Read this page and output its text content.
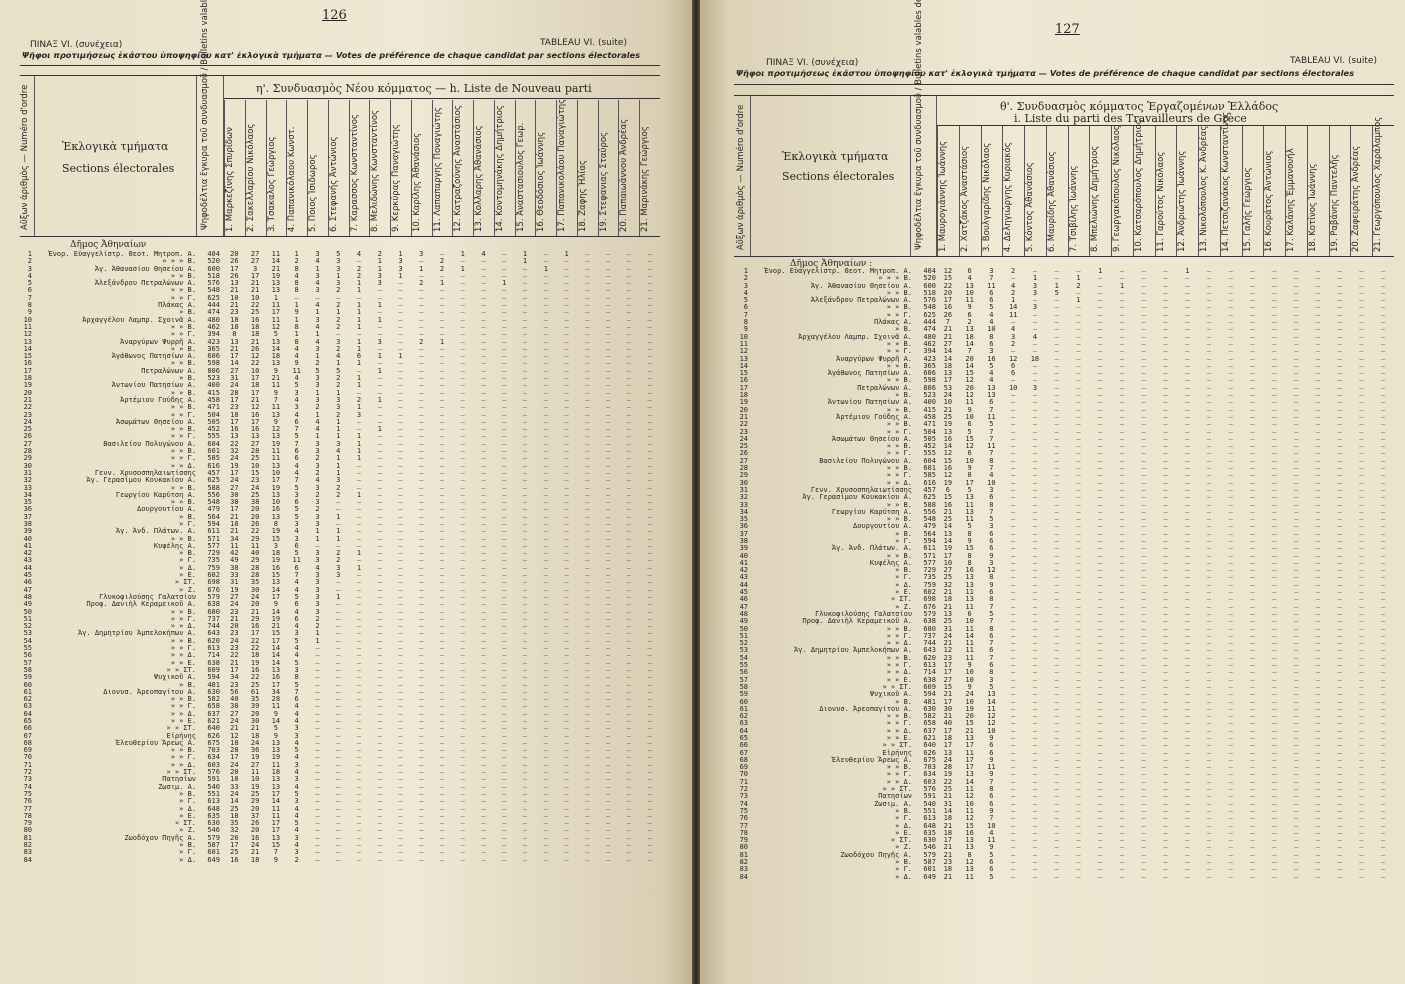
126
ΠΙΝΑΞ VI. (συνέχεια)	TABLEAU VI. (suite)
Ψῆφοι προτιμήσεως ἑκάστου ὑποψηφίου κατ' ἐκλογικὰ τμήματα — Votes de préférence de chaque candidat par sections électorales
Αὔξων ἀριθμὸς — Numéro d'ordre	Ἐκλογικὰ τμήματα
Sections électorales	Ψηφοδέλτια ἔγκυρα τοῦ συνδυασμοῦ / Bulletins valables de la liste	η'. Συνδυασμὸς Νέου κόμματος — h. Liste de Nouveau parti
Δῆμος Ἀθηναίων
1	Ἐνορ. Εὐαγγελίστρ. Θεοτ. Μητροπ. Α.	404	20	27	11	1	3	5	4	2	1	3	—	1	4	—	1	—	1	—	—	—	—
2	» » » Β.	520	26	27	14	2	4	3	—	1	3	—	2	—	—	—	1	—	—	—	—	—	—
3	Ἁγ. Ἀθανασίου Θησείου Α.	600	17	3	21	8	1	3	2	1	3	1	2	1	—	—	—	1	—	—	—	—	—
4	» » Β.	518	26	17	19	4	3	1	2	3	1	—	—	—	—	—	—	—	—	—	—	—	—
5	Ἀλεξάνδρου Πετραλώνων Α.	576	13	21	13	8	4	3	1	3	—	2	1	—	—	1	—	—	—	—	—	—	—
6	» » Β.	548	21	21	13	8	3	2	1	—	—	—	—	—	—	—	—	—	—	—	—	—	—
7	» » Γ.	625	10	10	1	—	—	—	—	—	—	—	—	—	—	—	—	—	—	—	—	—	—
8	Πλάκας Α.	444	21	22	11	1	4	2	1	1	—	—	—	—	—	—	—	—	—	—	—	—	—
9	» Β.	474	23	25	17	9	1	1	1	—	—	—	—	—	—	—	—	—	—	—	—	—	—
10	Ἀρχαγγέλου Λαμπρ. Σχοινᾶ Α.	480	18	16	11	1	3	2	1	1	—	—	—	—	—	—	—	—	—	—	—	—	—
11	» » Β.	462	18	18	12	8	4	2	1	—	—	—	—	—	—	—	—	—	—	—	—	—	—
12	» » Γ.	394	8	18	5	1	1	—	—	—	—	—	—	—	—	—	—	—	—	—	—	—	—
13	Ἀναργύρων Ψυρρῆ Α.	423	13	21	13	8	4	3	1	3	—	2	1	—	—	—	—	—	—	—	—	—	—
14	» » Β.	365	21	26	14	4	3	2	1	—	—	—	—	—	—	—	—	—	—	—	—	—	—
15	Ἀγάθωνος Πατησίων Α.	606	17	12	18	4	1	4	6	1	1	—	—	—	—	—	—	—	—	—	—	—	—
16	» » Β.	598	14	22	13	9	2	1	1	—	—	—	—	—	—	—	—	—	—	—	—	—	—
17	Πετραλώνων Α.	806	27	10	9	11	5	5	—	1	—	—	—	—	—	—	—	—	—	—	—	—	—
18	» Β.	523	31	17	21	4	3	2	1	—	—	—	—	—	—	—	—	—	—	—	—	—	—
19	Ἀντωνίου Πατησίων Α.	400	24	18	11	5	3	2	1	—	—	—	—	—	—	—	—	—	—	—	—	—	—
20	» » Β.	415	28	17	9	3	1	1	—	—	—	—	—	—	—	—	—	—	—	—	—	—	—
21	Ἀρτέμιου Γούδης Α.	458	17	21	7	4	3	3	2	1	—	—	—	—	—	—	—	—	—	—	—	—	—
22	» » Β.	471	23	12	11	3	2	3	1	—	—	—	—	—	—	—	—	—	—	—	—	—	—
23	» » Γ.	504	18	16	13	4	1	2	3	—	—	—	—	—	—	—	—	—	—	—	—	—	—
24	Ἀσωμάτων Θησείου Α.	505	17	17	9	6	4	1	—	—	—	—	—	—	—	—	—	—	—	—	—	—	—
25	» » Β.	452	16	16	12	7	4	1	—	1	—	—	—	—	—	—	—	—	—	—	—	—	—
26	» » Γ.	555	13	13	13	5	1	1	1	—	—	—	—	—	—	—	—	—	—	—	—	—	—
27	Βασιλείου Πολυγώνου Α.	604	22	27	19	7	3	3	1	—	—	—	—	—	—	—	—	—	—	—	—	—	—
28	» » Β.	601	32	28	11	6	3	4	1	—	—	—	—	—	—	—	—	—	—	—	—	—	—
29	» » Γ.	585	24	25	11	6	2	1	1	—	—	—	—	—	—	—	—	—	—	—	—	—	—
30	» » Δ.	616	19	10	13	4	3	1	—	—	—	—	—	—	—	—	—	—	—	—	—	—	—
31	Γενν. Χρυσοσπηλαιωτίσσης	457	17	15	10	4	2	1	—	—	—	—	—	—	—	—	—	—	—	—	—	—	—
32	Ἁγ. Γερασίμου Κουκακίου Α.	625	24	23	17	7	4	3	—	—	—	—	—	—	—	—	—	—	—	—	—	—	—
33	» » Β.	588	27	24	19	5	3	2	—	—	—	—	—	—	—	—	—	—	—	—	—	—	—
34	Γεωργίου Καρύτση Α.	556	30	25	13	3	2	2	1	—	—	—	—	—	—	—	—	—	—	—	—	—	—
35	» » Β.	548	30	38	10	6	3	—	—	—	—	—	—	—	—	—	—	—	—	—	—	—	—
36	Δουργουτίου Α.	479	17	20	16	5	2	—	—	—	—	—	—	—	—	—	—	—	—	—	—	—	—
37	» Β.	564	21	20	13	5	3	1	—	—	—	—	—	—	—	—	—	—	—	—	—	—	—
38	» Γ.	594	18	26	8	3	3	—	—	—	—	—	—	—	—	—	—	—	—	—	—	—	—
39	Ἁγ. Ἀνδ. Πλάτων. Α.	611	21	22	19	4	1	1	—	—	—	—	—	—	—	—	—	—	—	—	—	—	—
40	» » Β.	571	34	29	15	3	1	1	—	—	—	—	—	—	—	—	—	—	—	—	—	—	—
41	Κυψέλης Α.	577	11	11	3	6	—	—	—	—	—	—	—	—	—	—	—	—	—	—	—	—	—
42	» Β.	729	42	40	18	5	3	2	1	—	—	—	—	—	—	—	—	—	—	—	—	—	—
43	» Γ.	735	49	29	19	11	3	2	—	—	—	—	—	—	—	—	—	—	—	—	—	—	—
44	» Δ.	759	38	28	16	6	4	3	1	—	—	—	—	—	—	—	—	—	—	—	—	—	—
45	» Ε.	602	33	28	15	7	3	3	—	—	—	—	—	—	—	—	—	—	—	—	—	—	—
46	» ΣΤ.	698	31	35	13	4	3	—	—	—	—	—	—	—	—	—	—	—	—	—	—	—	—
47	» Ζ.	676	19	30	14	4	3	—	—	—	—	—	—	—	—	—	—	—	—	—	—	—	—
48	Γλυκοφιλούσης Γαλατσίου	579	27	24	17	5	3	1	—	—	—	—	—	—	—	—	—	—	—	—	—	—	—
49	Προφ. Δανιὴλ Κεραμεικοῦ Α.	638	24	20	9	6	3	—	—	—	—	—	—	—	—	—	—	—	—	—	—	—	—
50	» » Β.	680	23	21	14	4	3	—	—	—	—	—	—	—	—	—	—	—	—	—	—	—	—
51	» » Γ.	737	21	29	19	6	2	—	—	—	—	—	—	—	—	—	—	—	—	—	—	—	—
52	» » Δ.	744	20	16	21	4	2	—	—	—	—	—	—	—	—	—	—	—	—	—	—	—	—
53	Ἁγ. Δημητρίου Ἀμπελοκήπων Α.	643	23	17	15	3	1	—	—	—	—	—	—	—	—	—	—	—	—	—	—	—	—
54	» » Β.	620	24	22	17	5	1	—	—	—	—	—	—	—	—	—	—	—	—	—	—	—	—
55	» » Γ.	613	23	22	14	4	—	—	—	—	—	—	—	—	—	—	—	—	—	—	—	—	—
56	» » Δ.	714	22	18	14	4	—	—	—	—	—	—	—	—	—	—	—	—	—	—	—	—	—
57	» » Ε.	638	21	19	14	5	—	—	—	—	—	—	—	—	—	—	—	—	—	—	—	—	—
58	» » ΣΤ.	609	17	16	13	3	—	—	—	—	—	—	—	—	—	—	—	—	—	—	—	—	—
59	Ψυχικοῦ Α.	594	34	22	16	8	—	—	—	—	—	—	—	—	—	—	—	—	—	—	—	—	—
60	» Β.	481	23	25	17	5	—	—	—	—	—	—	—	—	—	—	—	—	—	—	—	—	—
61	Διονυσ. Ἀρεοπαγίτου Α.	630	56	61	34	7	—	—	—	—	—	—	—	—	—	—	—	—	—	—	—	—	—
62	» » Β.	582	40	35	28	6	—	—	—	—	—	—	—	—	—	—	—	—	—	—	—	—	—
63	» » Γ.	658	38	39	11	4	—	—	—	—	—	—	—	—	—	—	—	—	—	—	—	—	—
64	» » Δ.	637	27	20	9	4	—	—	—	—	—	—	—	—	—	—	—	—	—	—	—	—	—
65	» » Ε.	621	24	30	14	4	—	—	—	—	—	—	—	—	—	—	—	—	—	—	—	—	—
66	» » ΣΤ.	640	21	21	5	3	—	—	—	—	—	—	—	—	—	—	—	—	—	—	—	—	—
67	Εἰρήνης	626	12	18	9	3	—	—	—	—	—	—	—	—	—	—	—	—	—	—	—	—	—
68	Ἐλευθερίου Ἄρεως Α.	675	18	24	13	4	—	—	—	—	—	—	—	—	—	—	—	—	—	—	—	—	—
69	» » Β.	703	28	36	13	5	—	—	—	—	—	—	—	—	—	—	—	—	—	—	—	—	—
70	» » Γ.	634	17	19	19	4	—	—	—	—	—	—	—	—	—	—	—	—	—	—	—	—	—
71	» » Δ.	603	24	27	11	3	—	—	—	—	—	—	—	—	—	—	—	—	—	—	—	—	—
72	» » ΣΤ.	576	20	11	18	4	—	—	—	—	—	—	—	—	—	—	—	—	—	—	—	—	—
73	Πατησίων	591	18	10	13	3	—	—	—	—	—	—	—	—	—	—	—	—	—	—	—	—	—
74	Ζωσιμ. Α.	540	33	19	13	4	—	—	—	—	—	—	—	—	—	—	—	—	—	—	—	—	—
75	» Β.	551	24	25	17	5	—	—	—	—	—	—	—	—	—	—	—	—	—	—	—	—	—
76	» Γ.	613	14	29	14	3	—	—	—	—	—	—	—	—	—	—	—	—	—	—	—	—	—
77	» Δ.	648	25	20	11	4	—	—	—	—	—	—	—	—	—	—	—	—	—	—	—	—	—
78	» Ε.	635	18	37	11	4	—	—	—	—	—	—	—	—	—	—	—	—	—	—	—	—	—
79	» ΣΤ.	630	35	26	17	5	—	—	—	—	—	—	—	—	—	—	—	—	—	—	—	—	—
80	» Ζ.	546	32	20	17	4	—	—	—	—	—	—	—	—	—	—	—	—	—	—	—	—	—
81	Ζωοδόχου Πηγῆς Α.	579	26	16	13	3	—	—	—	—	—	—	—	—	—	—	—	—	—	—	—	—	—
82	» Β.	587	17	24	15	4	—	—	—	—	—	—	—	—	—	—	—	—	—	—	—	—	—
83	» Γ.	601	25	21	7	3	—	—	—	—	—	—	—	—	—	—	—	—	—	—	—	—	—
84	» Δ.	649	16	18	9	2	—	—	—	—	—	—	—	—	—	—	—	—	—	—	—	—	—
1. Μαρκεζίνης Σπυρίδων	2. Σακελλαρίου Νικόλαος	3. Τσακαλος Γεώργιος	4. Παπανικόλαου Κωνστ.	5. Ποιος Ἰσιδωρος	6. Στεφανής Ἀντώνιος	7. Καρασσος Κωνσταντίνος	8. Μελιδώνης Κωνσταντίνος	9. Κερκύρας Παναγιώτης	10. Καρίλης Ἀθανάσιος	11. Λαπαπαργης Ποναγιώτης	12. Κατραζούνης Ἀναστάσιος	13. Κολλαρης Ἀθανάσιος	14. Κοντομηνάκης Δημήτριος	15. Ἀναστασιουλος Γεωρ.	16. Θεοδόσιος Ἰωάννης	17. Παπανικολάου Παναγιώτης	18. Ζαφης Ἠλίας	19. Στεφανιας Σταύρος	20. Παπαιωάννου Ἀνδρέας	21. Μαρινάκης Γεώργιος
127
ΠΙΝΑΞ VI. (συνέχεια)	TABLEAU VI. (suite)
Ψῆφοι προτιμήσεως ἑκάστου ὑποψηφίου κατ' ἐκλογικὰ τμήματα — Votes de préférence de chaque candidat par sections électorales
Αὔξων ἀριθμὸς — Numéro d'ordre	Ἐκλογικὰ τμήματα
Sections électorales Ψηφοδέλτια ἔγκυρα τοῦ συνδυασμοῦ / Bulletins valables de la liste	θ'. Συνδυασμὸς κόμματος Ἐργαζομένων Ἑλλάδος
i. Liste du parti des Travailleurs de Grèce
Δῆμος Ἀθηναίων :
1	Ἐνορ. Εὐαγγελίστρ. Θεοτ. Μητροπ. Α.	404	12	6	3	2	—	—	—	1	—	—	—	1	—	—	—	—	—	—	—	—	—
2	» » » Β.	520	15	4	7	—	1	—	1	—	—	—	—	—	—	—	—	—	—	—	—	—	—
3	Ἁγ. Ἀθανασίου Θησείου Α.	600	22	13	11	4	3	1	2	—	1	—	—	—	—	—	—	—	—	—	—	—	—
4	» » Β.	518	20	10	6	2	3	5	—	—	—	—	—	—	—	—	—	—	—	—	—	—	—
5	Ἀλεξάνδρου Πετραλώνων Α.	576	17	11	6	1	—	—	1	—	—	—	—	—	—	—	—	—	—	—	—	—	—
6	» » Β.	548	16	9	5	14	3	—	—	—	—	—	—	—	—	—	—	—	—	—	—	—	—
7	» » Γ.	625	26	6	4	11	—	—	—	—	—	—	—	—	—	—	—	—	—	—	—	—	—
8	Πλάκας Α.	444	7	2	4	—	—	—	—	—	—	—	—	—	—	—	—	—	—	—	—	—	—
9	» Β.	474	21	13	10	4	—	—	—	—	—	—	—	—	—	—	—	—	—	—	—	—	—
10	Ἀρχαγγέλου Λαμπρ. Σχοινᾶ Α.	480	21	18	8	3	4	—	—	—	—	—	—	—	—	—	—	—	—	—	—	—	—
11	» » Β.	462	27	14	6	2	—	—	—	—	—	—	—	—	—	—	—	—	—	—	—	—	—
12	» » Γ.	394	14	7	3	—	—	—	—	—	—	—	—	—	—	—	—	—	—	—	—	—	—
13	Ἀναργύρων Ψυρρῆ Α.	423	14	20	16	12	18	—	—	—	—	—	—	—	—	—	—	—	—	—	—	—	—
14	» » Β.	365	18	14	5	6	—	—	—	—	—	—	—	—	—	—	—	—	—	—	—	—	—
15	Ἀγάθωνος Πατησίων Α.	606	13	15	4	6	—	—	—	—	—	—	—	—	—	—	—	—	—	—	—	—	—
16	» » Β.	598	17	12	4	—	—	—	—	—	—	—	—	—	—	—	—	—	—	—	—	—	—
17	Πετραλώνων Α.	806	53	20	13	10	3	—	—	—	—	—	—	—	—	—	—	—	—	—	—	—	—
18	» Β.	523	24	12	13	—	—	—	—	—	—	—	—	—	—	—	—	—	—	—	—	—	—
19	Ἀντωνίου Πατησίων Α.	400	10	11	6	—	—	—	—	—	—	—	—	—	—	—	—	—	—	—	—	—	—
20	» » Β.	415	21	9	7	—	—	—	—	—	—	—	—	—	—	—	—	—	—	—	—	—	—
21	Ἀρτέμιου Γούδης Α.	458	25	10	11	—	—	—	—	—	—	—	—	—	—	—	—	—	—	—	—	—	—
22	» » Β.	471	19	6	5	—	—	—	—	—	—	—	—	—	—	—	—	—	—	—	—	—	—
23	» » Γ.	504	13	5	7	—	—	—	—	—	—	—	—	—	—	—	—	—	—	—	—	—	—
24	Ἀσωμάτων Θησείου Α.	505	16	15	7	—	—	—	—	—	—	—	—	—	—	—	—	—	—	—	—	—	—
25	» » Β.	452	14	12	11	—	—	—	—	—	—	—	—	—	—	—	—	—	—	—	—	—	—
26	» » Γ.	555	12	6	7	—	—	—	—	—	—	—	—	—	—	—	—	—	—	—	—	—	—
27	Βασιλείου Πολυγώνου Α.	604	15	10	8	—	—	—	—	—	—	—	—	—	—	—	—	—	—	—	—	—	—
28	» » Β.	601	16	9	7	—	—	—	—	—	—	—	—	—	—	—	—	—	—	—	—	—	—
29	» » Γ.	585	12	8	4	—	—	—	—	—	—	—	—	—	—	—	—	—	—	—	—	—	—
30	» » Δ.	616	19	17	10	—	—	—	—	—	—	—	—	—	—	—	—	—	—	—	—	—	—
31	Γενν. Χρυσοσπηλαιωτίσσης	457	6	5	3	—	—	—	—	—	—	—	—	—	—	—	—	—	—	—	—	—	—
32	Ἁγ. Γερασίμου Κουκακίου Α.	625	15	13	6	—	—	—	—	—	—	—	—	—	—	—	—	—	—	—	—	—	—
33	» » Β.	588	16	11	8	—	—	—	—	—	—	—	—	—	—	—	—	—	—	—	—	—	—
34	Γεωργίου Καρύτση Α.	556	21	13	7	—	—	—	—	—	—	—	—	—	—	—	—	—	—	—	—	—	—
35	» » Β.	548	25	11	5	—	—	—	—	—	—	—	—	—	—	—	—	—	—	—	—	—	—
36	Δουργουτίου Α.	479	14	5	3	—	—	—	—	—	—	—	—	—	—	—	—	—	—	—	—	—	—
37	» Β.	564	13	8	6	—	—	—	—	—	—	—	—	—	—	—	—	—	—	—	—	—	—
38	» Γ.	594	14	9	6	—	—	—	—	—	—	—	—	—	—	—	—	—	—	—	—	—	—
39	Ἁγ. Ἀνδ. Πλάτων. Α.	611	19	15	6	—	—	—	—	—	—	—	—	—	—	—	—	—	—	—	—	—	—
40	» » Β.	571	17	8	9	—	—	—	—	—	—	—	—	—	—	—	—	—	—	—	—	—	—
41	Κυψέλης Α.	577	10	8	3	—	—	—	—	—	—	—	—	—	—	—	—	—	—	—	—	—	—
42	» Β.	729	27	16	12	—	—	—	—	—	—	—	—	—	—	—	—	—	—	—	—	—	—
43	» Γ.	735	25	13	8	—	—	—	—	—	—	—	—	—	—	—	—	—	—	—	—	—	—
44	» Δ.	759	32	13	9	—	—	—	—	—	—	—	—	—	—	—	—	—	—	—	—	—	—
45	» Ε.	602	21	11	6	—	—	—	—	—	—	—	—	—	—	—	—	—	—	—	—	—	—
46	» ΣΤ.	698	18	13	8	—	—	—	—	—	—	—	—	—	—	—	—	—	—	—	—	—	—
47	» Ζ.	676	21	11	7	—	—	—	—	—	—	—	—	—	—	—	—	—	—	—	—	—	—
48	Γλυκοφιλούσης Γαλατσίου	579	13	6	5	—	—	—	—	—	—	—	—	—	—	—	—	—	—	—	—	—	—
49	Προφ. Δανιὴλ Κεραμεικοῦ Α.	638	25	10	7	—	—	—	—	—	—	—	—	—	—	—	—	—	—	—	—	—	—
50	» » Β.	680	31	11	8	—	—	—	—	—	—	—	—	—	—	—	—	—	—	—	—	—	—
51	» » Γ.	737	24	14	6	—	—	—	—	—	—	—	—	—	—	—	—	—	—	—	—	—	—
52	» » Δ.	744	21	11	7	—	—	—	—	—	—	—	—	—	—	—	—	—	—	—	—	—	—
53	Ἁγ. Δημητρίου Ἀμπελοκήπων Α.	643	12	11	6	—	—	—	—	—	—	—	—	—	—	—	—	—	—	—	—	—	—
54	» » Β.	620	23	11	7	—	—	—	—	—	—	—	—	—	—	—	—	—	—	—	—	—	—
55	» » Γ.	613	17	9	6	—	—	—	—	—	—	—	—	—	—	—	—	—	—	—	—	—	—
56	» » Δ.	714	17	10	8	—	—	—	—	—	—	—	—	—	—	—	—	—	—	—	—	—	—
57	» » Ε.	638	27	10	3	—	—	—	—	—	—	—	—	—	—	—	—	—	—	—	—	—	—
58	» » ΣΤ.	609	15	9	5	—	—	—	—	—	—	—	—	—	—	—	—	—	—	—	—	—	—
59	Ψυχικοῦ Α.	594	21	24	13	—	—	—	—	—	—	—	—	—	—	—	—	—	—	—	—	—	—
60	» Β.	481	17	10	14	—	—	—	—	—	—	—	—	—	—	—	—	—	—	—	—	—	—
61	Διονυσ. Ἀρεοπαγίτου Α.	630	30	19	11	—	—	—	—	—	—	—	—	—	—	—	—	—	—	—	—	—	—
62	» » Β.	582	21	20	12	—	—	—	—	—	—	—	—	—	—	—	—	—	—	—	—	—	—
63	» » Γ.	658	40	15	12	—	—	—	—	—	—	—	—	—	—	—	—	—	—	—	—	—	—
64	» » Δ.	637	17	21	10	—	—	—	—	—	—	—	—	—	—	—	—	—	—	—	—	—	—
65	» » Ε.	621	18	13	9	—	—	—	—	—	—	—	—	—	—	—	—	—	—	—	—	—	—
66	» » ΣΤ.	640	17	17	6	—	—	—	—	—	—	—	—	—	—	—	—	—	—	—	—	—	—
67	Εἰρήνης	626	13	11	6	—	—	—	—	—	—	—	—	—	—	—	—	—	—	—	—	—	—
68	Ἐλευθερίου Ἄρεως Α.	675	24	17	9	—	—	—	—	—	—	—	—	—	—	—	—	—	—	—	—	—	—
69	» » Β.	703	28	17	11	—	—	—	—	—	—	—	—	—	—	—	—	—	—	—	—	—	—
70	» » Γ.	634	19	13	9	—	—	—	—	—	—	—	—	—	—	—	—	—	—	—	—	—	—
71	» » Δ.	603	22	14	7	—	—	—	—	—	—	—	—	—	—	—	—	—	—	—	—	—	—
72	» » ΣΤ.	576	25	11	8	—	—	—	—	—	—	—	—	—	—	—	—	—	—	—	—	—	—
73	Πατησίων	591	21	12	6	—	—	—	—	—	—	—	—	—	—	—	—	—	—	—	—	—	—
74	Ζωσιμ. Α.	540	31	10	6	—	—	—	—	—	—	—	—	—	—	—	—	—	—	—	—	—	—
75	» Β.	551	14	11	9	—	—	—	—	—	—	—	—	—	—	—	—	—	—	—	—	—	—
76	» Γ.	613	18	12	7	—	—	—	—	—	—	—	—	—	—	—	—	—	—	—	—	—	—
77	» Δ.	648	21	15	10	—	—	—	—	—	—	—	—	—	—	—	—	—	—	—	—	—	—
78	» Ε.	635	18	16	4	—	—	—	—	—	—	—	—	—	—	—	—	—	—	—	—	—	—
79	» ΣΤ.	630	17	13	11	—	—	—	—	—	—	—	—	—	—	—	—	—	—	—	—	—	—
80	» Ζ.	546	21	13	9	—	—	—	—	—	—	—	—	—	—	—	—	—	—	—	—	—	—
81	Ζωοδόχου Πηγῆς Α.	579	21	8	5	—	—	—	—	—	—	—	—	—	—	—	—	—	—	—	—	—	—
82	» Β.	587	23	12	6	—	—	—	—	—	—	—	—	—	—	—	—	—	—	—	—	—	—
83	» Γ.	601	18	13	6	—	—	—	—	—	—	—	—	—	—	—	—	—	—	—	—	—	—
84	» Δ.	649	21	11	5	—	—	—	—	—	—	—	—	—	—	—	—	—	—	—	—	—	—
1. Μαυρογιάννης Ἰωάννης	2. Χατζάκος Ἀναστάσιος	3. Βουλγαρίδης Νικόλαος	4. Δεληγιώργης Κυριακός	5. Κόντος Ἀθανάσιος	6. Μαυρίδης Ἀθανάσιος	7. Τσιβίλης Ἰωάννης	8. Μπελιώνης Δημήτριος	9. Γεωργακόπουλος Νικόλαος	10. Κατσαρόπουλος Δημήτριος	11. Γαρούτος Νικόλαος	12. Ἀνδριώτης Ἰωάννης	13. Νικολόπουλος Κ. Ἀνδρέας	14. Πετσιζανάκος Κωνσταντῖνος	15. Γαλής Γεώργιος	16. Κουράτος Ἀντώνιος	17. Καλάνης Ἐμμανουήλ	18. Κοτίνος Ἰωάννης	19. Ραβάνης Παντελῆς	20. Ζαφειράτης Ἀνδρέας	21. Γεωργόπουλος Χαράλαμπος
